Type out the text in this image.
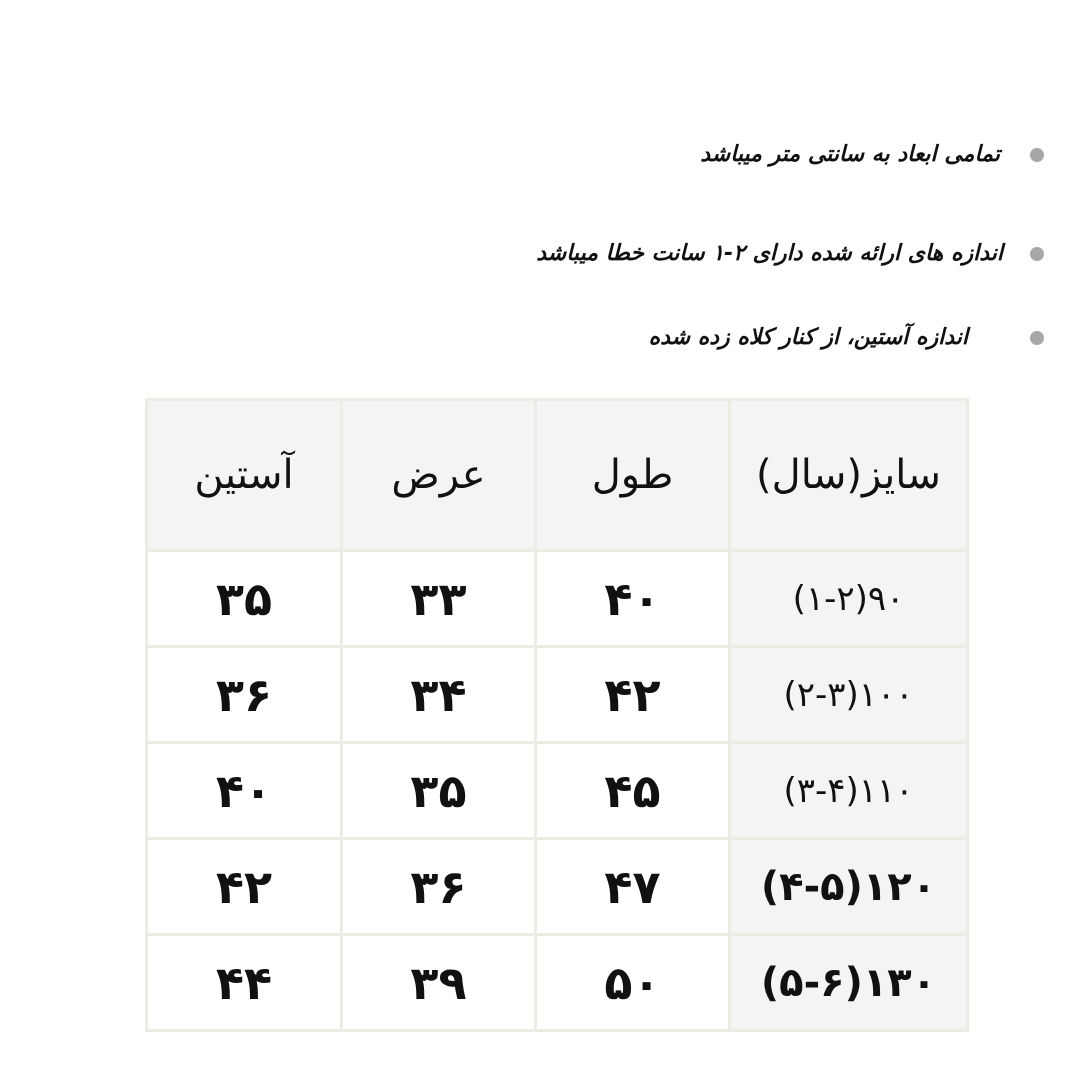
تمامی ابعاد به سانتی متر میباشد
اندازه های ارائه شده دارای ۲-۱ سانت خطا میباشد
اندازه آستین، از کنار کلاه زده شده
سایز(سال)	طول	عرض	آستین
۹۰(۱-۲)	۴۰	۳۳	۳۵
۱۰۰(۲-۳)	۴۲	۳۴	۳۶
۱۱۰(۳-۴)	۴۵	۳۵	۴۰
۱۲۰(۴-۵)	۴۷	۳۶	۴۲
۱۳۰(۵-۶)	۵۰	۳۹	۴۴
